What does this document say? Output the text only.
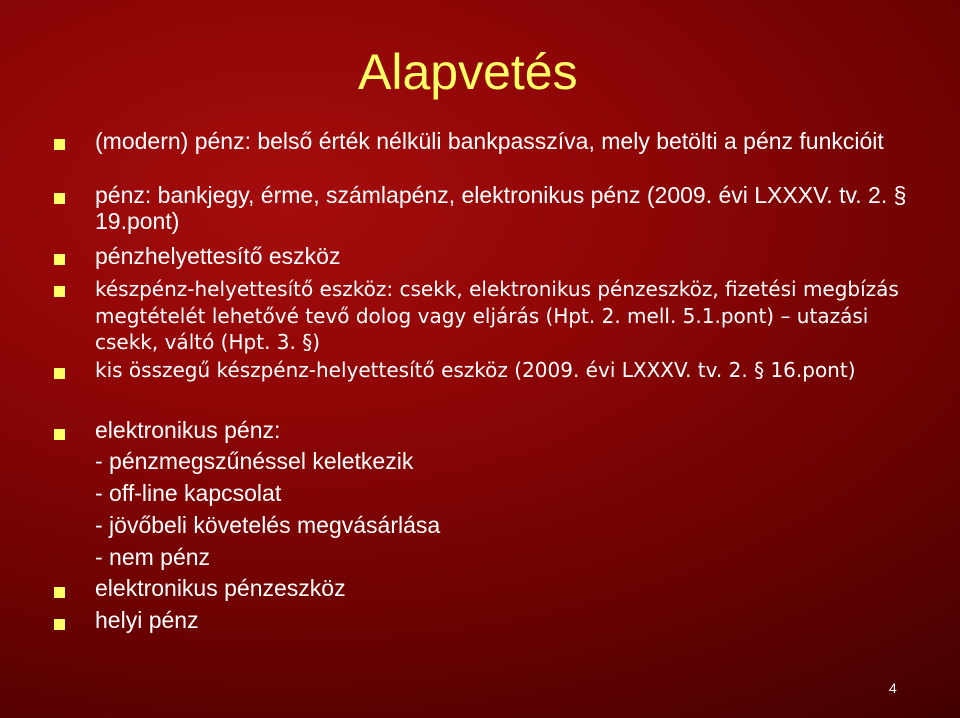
Alapvetés
(modern) pénz: belső érték nélküli bankpasszíva, mely betölti a pénz funkcióit
pénz: bankjegy, érme, számlapénz, elektronikus pénz (2009. évi LXXXV. tv. 2. § 19.pont)
pénzhelyettesítő eszköz
készpénz-helyettesítő eszköz: csekk, elektronikus pénzeszköz, fizetési megbízás megtételét lehetővé tevő dolog vagy eljárás (Hpt. 2. mell. 5.1.pont) – utazási csekk, váltó (Hpt. 3. §)
kis összegű készpénz-helyettesítő eszköz (2009. évi LXXXV. tv. 2. § 16.pont)
elektronikus pénz:
- pénzmegszűnéssel keletkezik
- off-line kapcsolat
- jövőbeli követelés megvásárlása
- nem pénz
elektronikus pénzeszköz
helyi pénz
4
